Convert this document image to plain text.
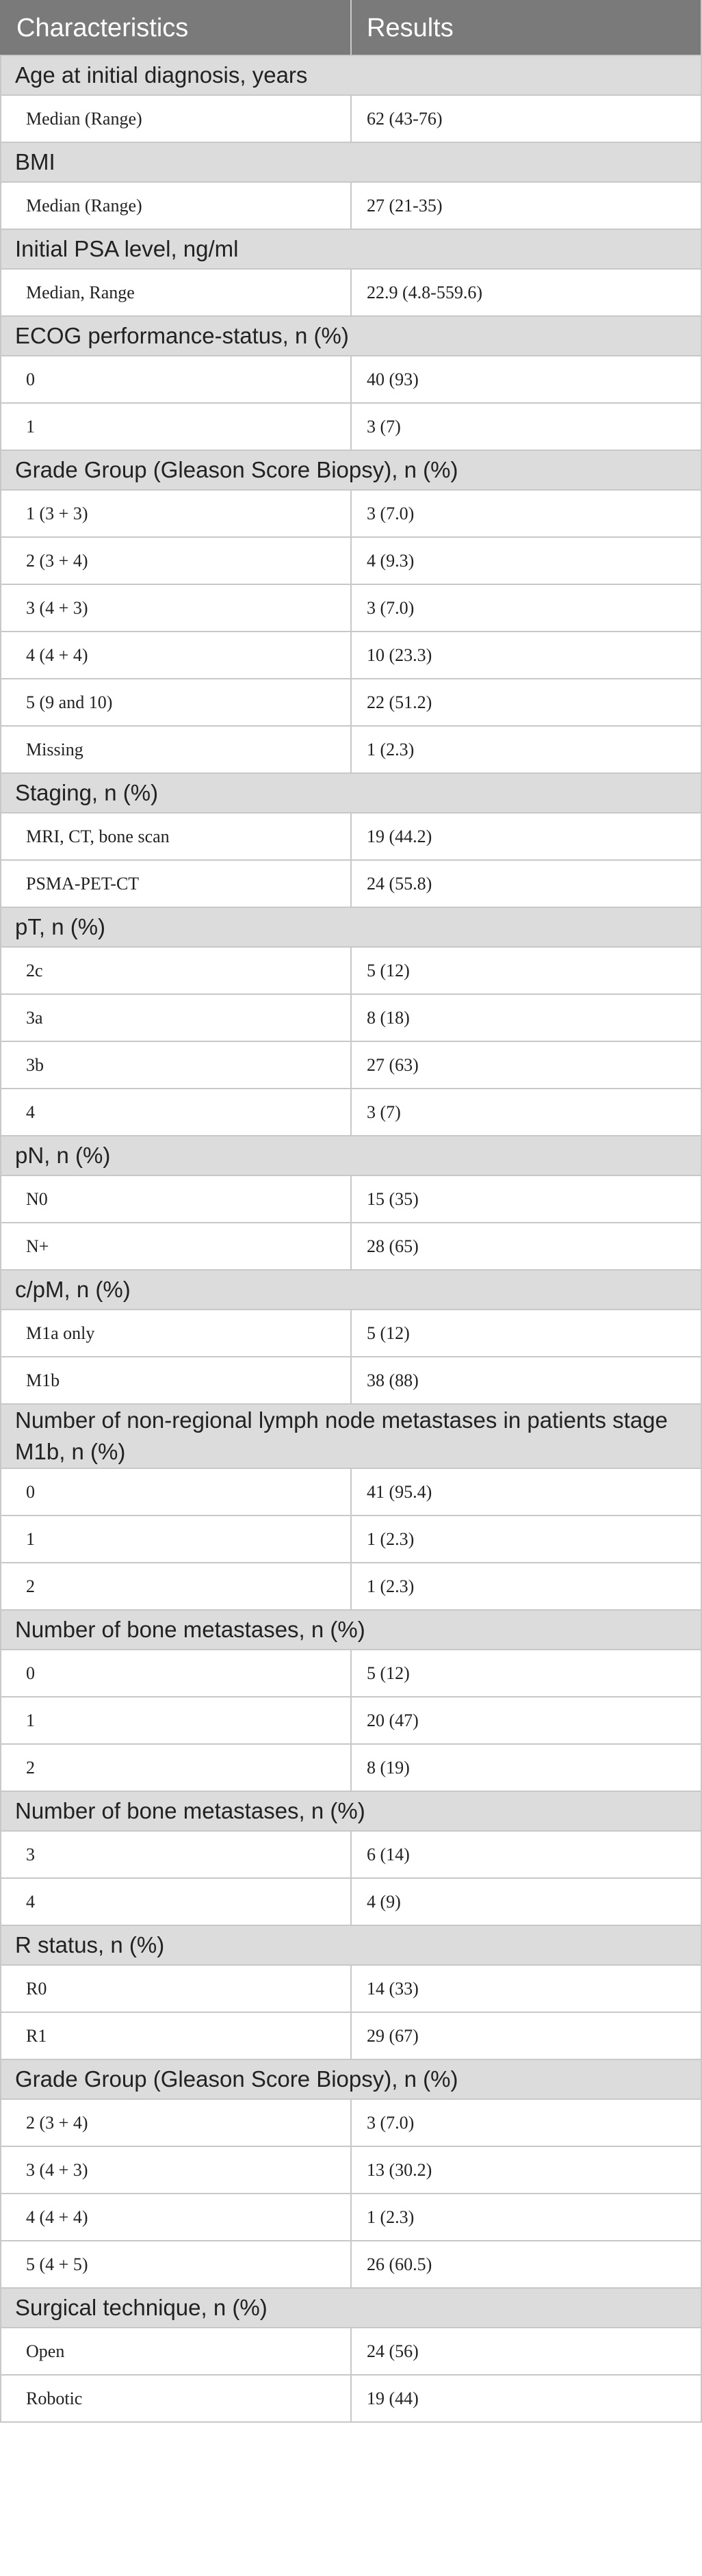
Characteristics	Results
Age at initial diagnosis, years	
Median (Range)	62 (43-76)
BMI	
Median (Range)	27 (21-35)
Initial PSA level, ng/ml	
Median, Range	22.9 (4.8-559.6)
ECOG performance-status, n (%)	
0	40 (93)
1	3 (7)
Grade Group (Gleason Score Biopsy), n (%)	
1 (3 + 3)	3 (7.0)
2 (3 + 4)	4 (9.3)
3 (4 + 3)	3 (7.0)
4 (4 + 4)	10 (23.3)
5 (9 and 10)	22 (51.2)
Missing	1 (2.3)
Staging, n (%)	
MRI, CT, bone scan	19 (44.2)
PSMA-PET-CT	24 (55.8)
pT, n (%)	
2c	5 (12)
3a	8 (18)
3b	27 (63)
4	3 (7)
pN, n (%)	
N0	15 (35)
N+	28 (65)
c/pM, n (%)	
M1a only	5 (12)
M1b	38 (88)
Number of non-regional lymph node metastases in patients stage M1b, n (%)	
0	41 (95.4)
1	1 (2.3)
2	1 (2.3)
Number of bone metastases, n (%)	
0	5 (12)
1	20 (47)
2	8 (19)
Number of bone metastases, n (%)	
3	6 (14)
4	4 (9)
R status, n (%)	
R0	14 (33)
R1	29 (67)
Grade Group (Gleason Score Biopsy), n (%)	
2 (3 + 4)	3 (7.0)
3 (4 + 3)	13 (30.2)
4 (4 + 4)	1 (2.3)
5 (4 + 5)	26 (60.5)
Surgical technique, n (%)	
Open	24 (56)
Robotic	19 (44)
